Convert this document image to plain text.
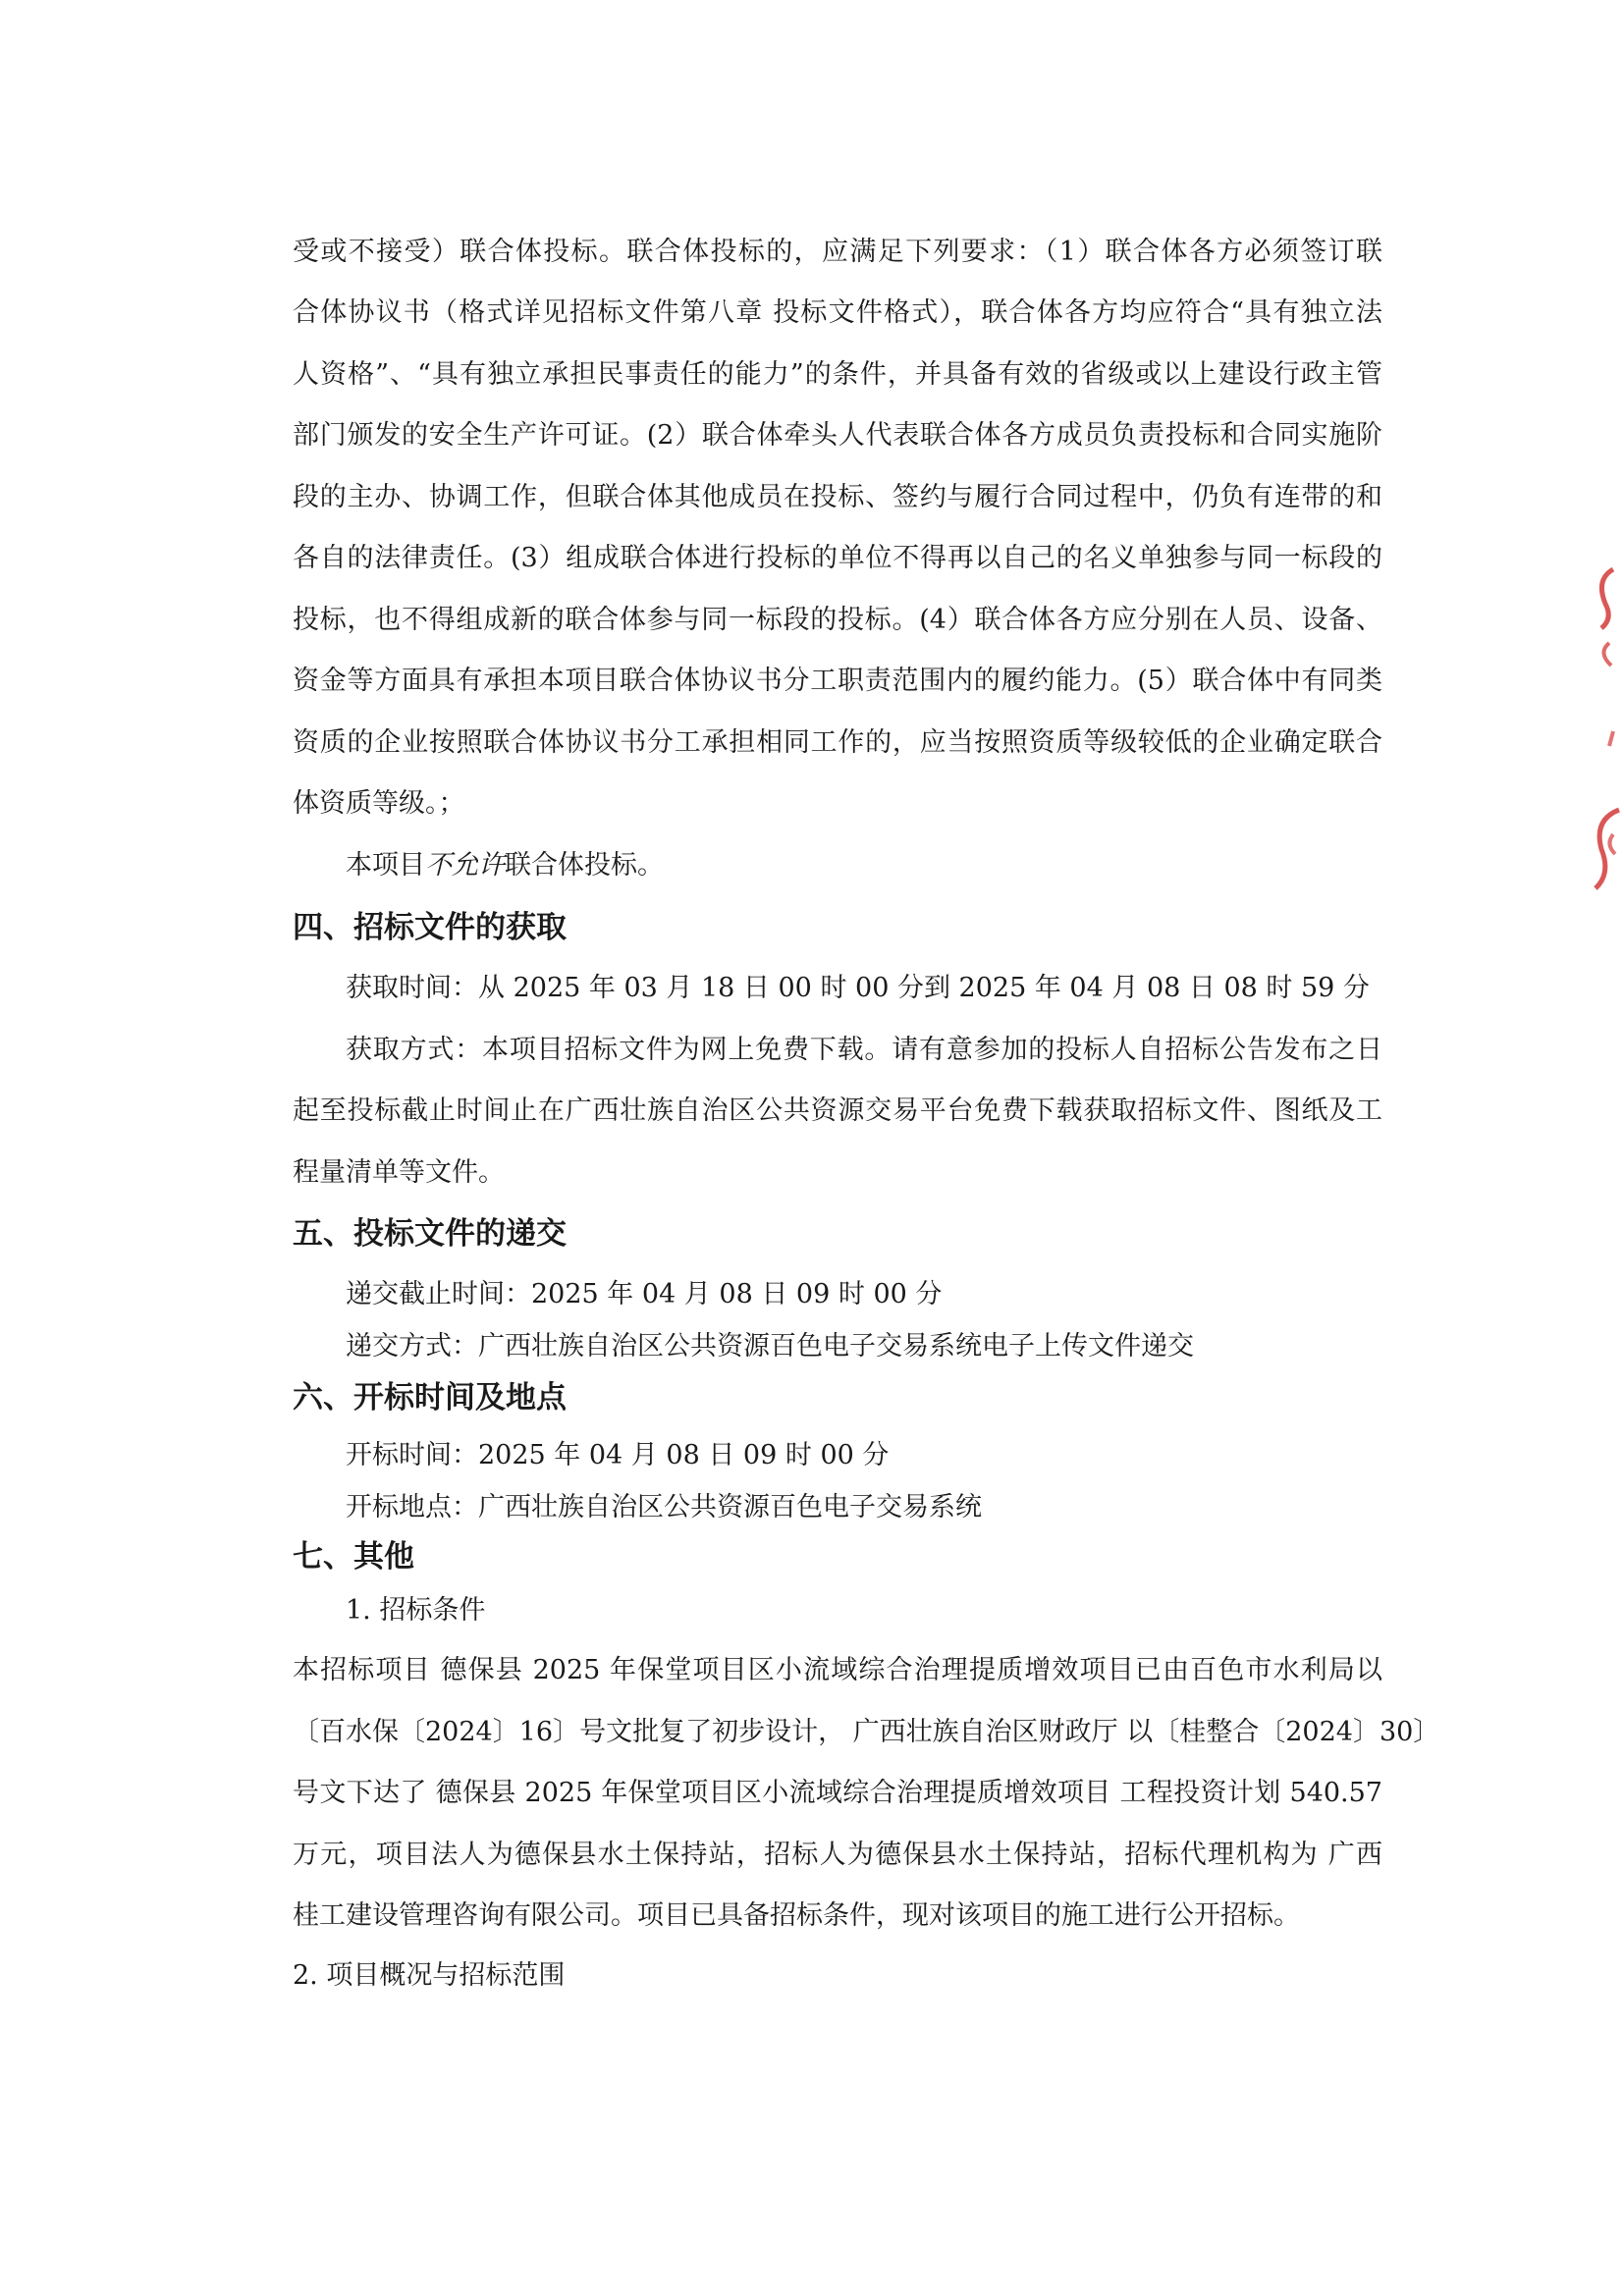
受或不接受）联合体投标。联合体投标的，应满足下列要求：（1）联合体各方必须签订联
合体协议书（格式详见招标文件第八章 投标文件格式），联合体各方均应符合“具有独立法
人资格”、“具有独立承担民事责任的能力”的条件，并具备有效的省级或以上建设行政主管
部门颁发的安全生产许可证。(2）联合体牵头人代表联合体各方成员负责投标和合同实施阶
段的主办、协调工作，但联合体其他成员在投标、签约与履行合同过程中，仍负有连带的和
各自的法律责任。(3）组成联合体进行投标的单位不得再以自己的名义单独参与同一标段的
投标，也不得组成新的联合体参与同一标段的投标。(4）联合体各方应分别在人员、设备、
资金等方面具有承担本项目联合体协议书分工职责范围内的履约能力。(5）联合体中有同类
资质的企业按照联合体协议书分工承担相同工作的，应当按照资质等级较低的企业确定联合
体资质等级。；
本项目不允许联合体投标。
四、招标文件的获取
获取时间：从 2025 年 03 月 18 日 00 时 00 分到 2025 年 04 月 08 日 08 时 59 分
获取方式：本项目招标文件为网上免费下载。请有意参加的投标人自招标公告发布之日
起至投标截止时间止在广西壮族自治区公共资源交易平台免费下载获取招标文件、图纸及工
程量清单等文件。
五、投标文件的递交
递交截止时间：2025 年 04 月 08 日 09 时 00 分
递交方式：广西壮族自治区公共资源百色电子交易系统电子上传文件递交
六、开标时间及地点
开标时间：2025 年 04 月 08 日 09 时 00 分
开标地点：广西壮族自治区公共资源百色电子交易系统
七、其他
1. 招标条件
本招标项目 德保县 2025 年保堂项目区小流域综合治理提质增效项目已由百色市水利局以
〔百水保〔2024〕16〕号文批复了初步设计， 广西壮族自治区财政厅 以〔桂整合〔2024〕30〕
号文下达了 德保县 2025 年保堂项目区小流域综合治理提质增效项目 工程投资计划 540.57
万元，项目法人为德保县水土保持站，招标人为德保县水土保持站，招标代理机构为 广西
桂工建设管理咨询有限公司。项目已具备招标条件，现对该项目的施工进行公开招标。
2. 项目概况与招标范围
